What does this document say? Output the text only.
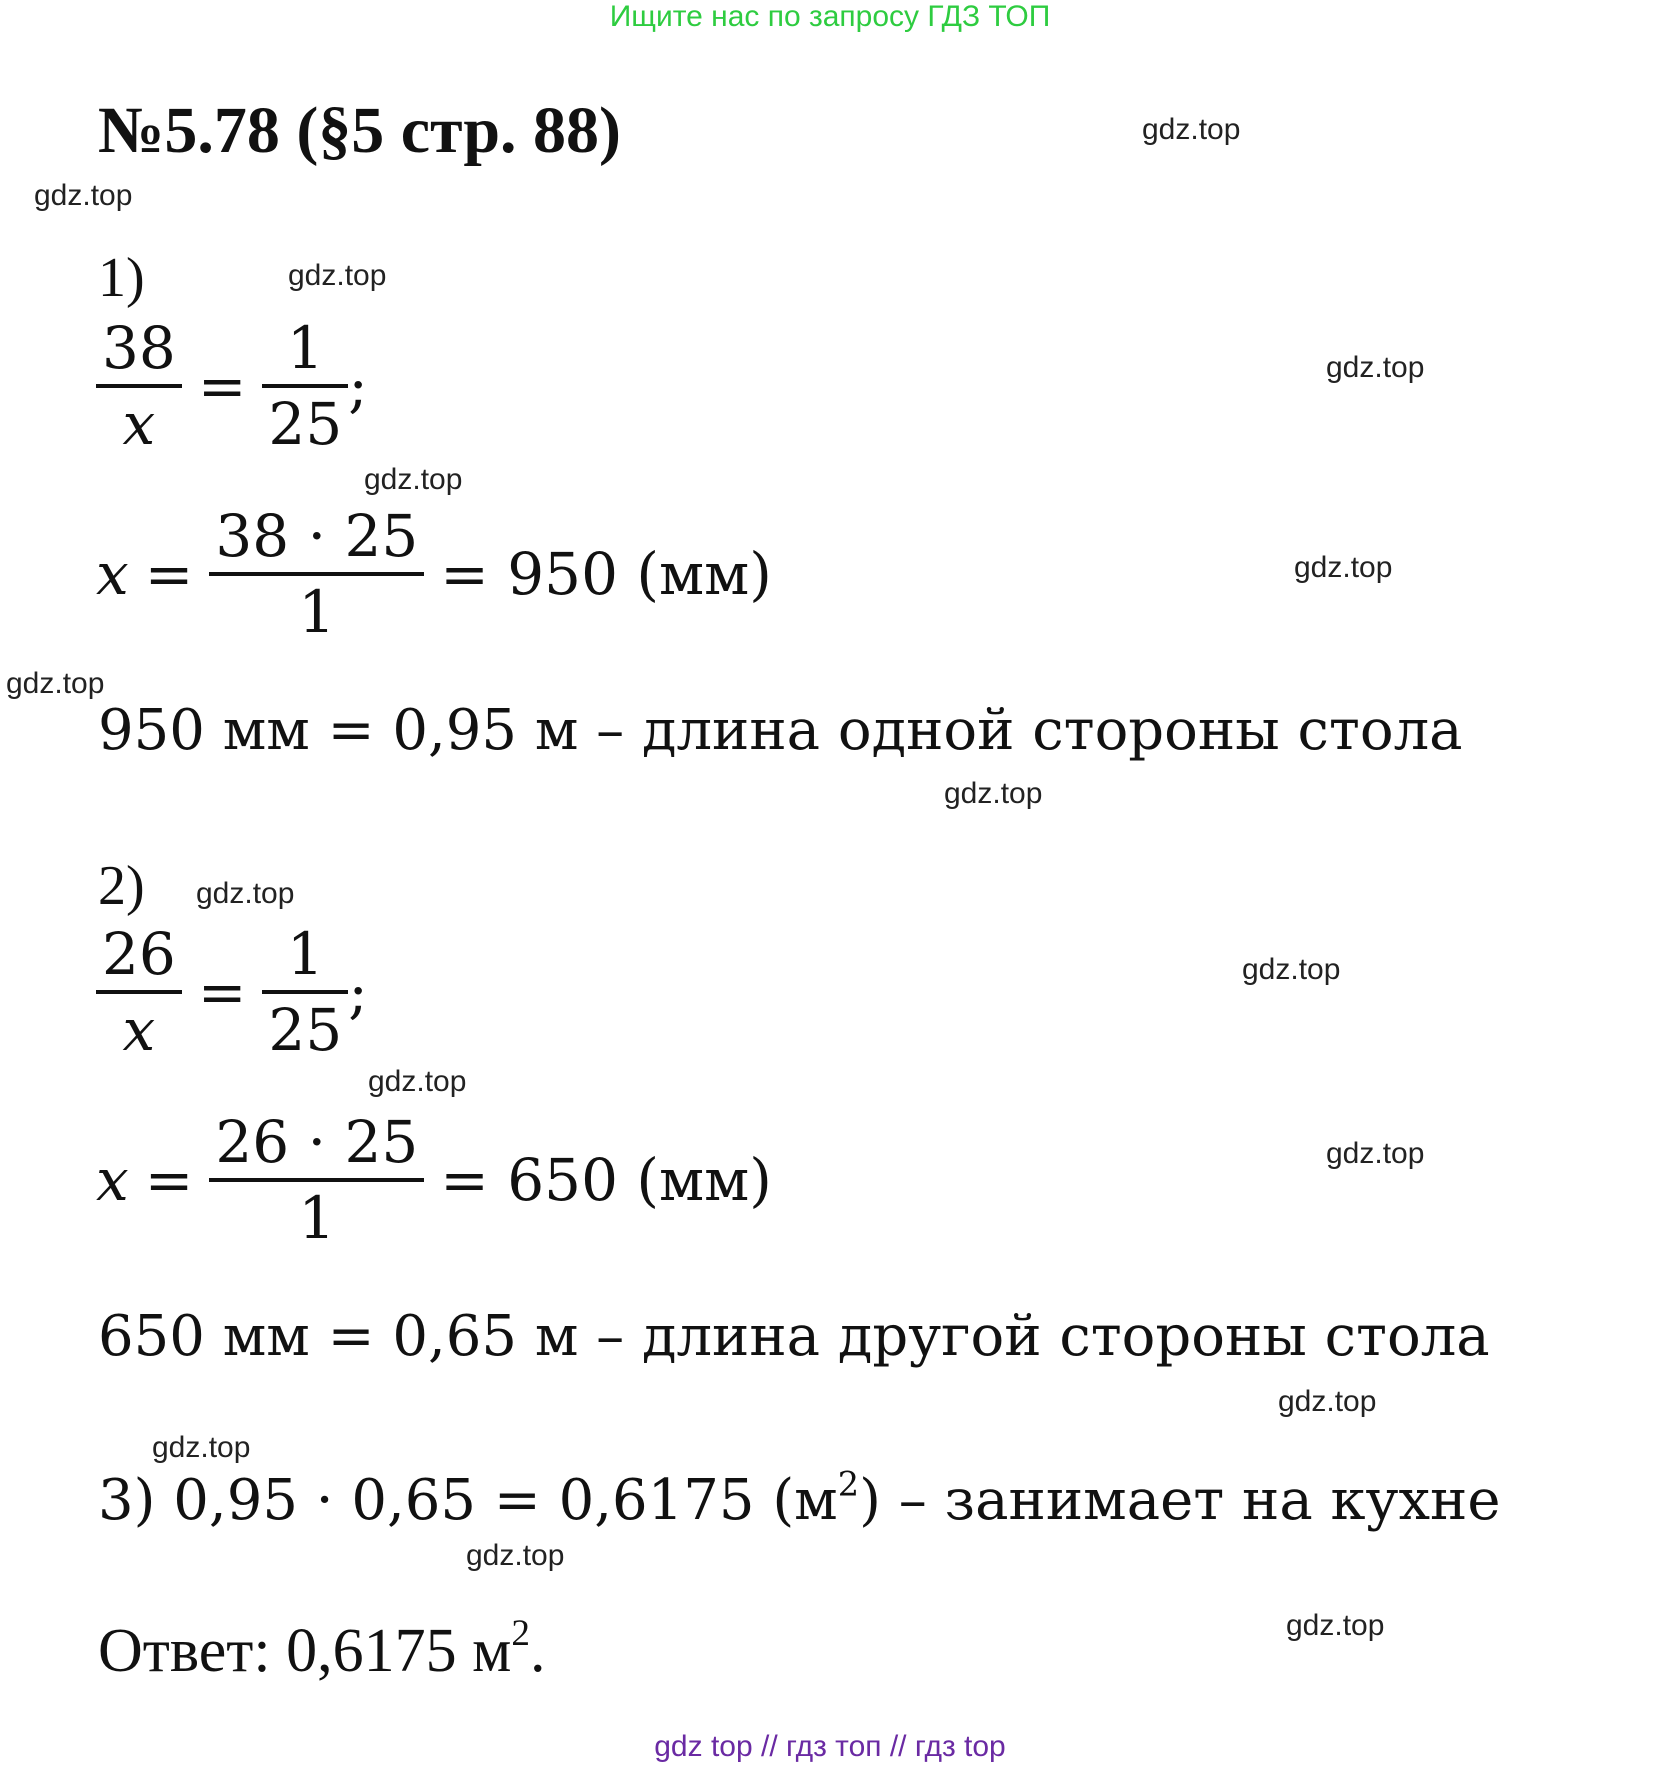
Ищите нас по запросу ГДЗ ТОП
№5.78 (§5 стр. 88)	gdz.top
gdz.top
gdz.top
gdz.top
gdz.top
gdz.top
gdz.top
gdz.top
gdz.top
gdz.top
gdz.top
gdz.top
gdz.top
gdz.top
gdz.top
gdz.top
1)
$\frac{38}{x} = \frac{1}{25}$ ;
$x = \frac{38 \cdot 25}{1} = 950$ (мм)
950 мм = 0,95 м – длина одной стороны стола
2)
$\frac{26}{x} = \frac{1}{25}$ ;
$x = \frac{26 \cdot 25}{1} = 650$ (мм)
650 мм = 0,65 м – длина другой стороны стола
3) 0,95 · 0,65 = 0,6175 $(м^2)$ – занимает на кухне
Ответ: 0,6175 $м^2$.
gdz top // гдз топ // гдз top
